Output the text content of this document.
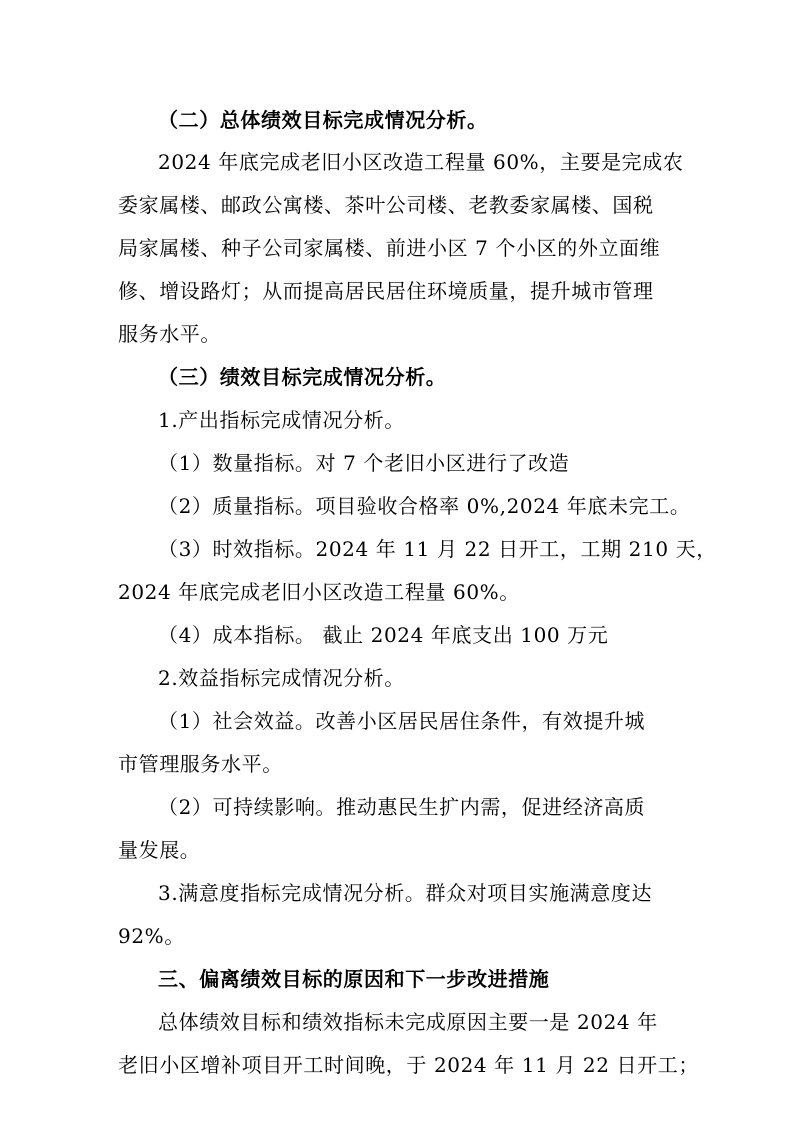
（二）总体绩效目标完成情况分析。
2024 年底完成老旧小区改造工程量 60%，主要是完成农
委家属楼、邮政公寓楼、茶叶公司楼、老教委家属楼、国税
局家属楼、种子公司家属楼、前进小区 7 个小区的外立面维
修、增设路灯；从而提高居民居住环境质量，提升城市管理
服务水平。
（三）绩效目标完成情况分析。
1.产出指标完成情况分析。
（1）数量指标。对 7 个老旧小区进行了改造
（2）质量指标。项目验收合格率 0%,2024 年底未完工。
（3）时效指标。2024 年 11 月 22 日开工，工期 210 天，
2024 年底完成老旧小区改造工程量 60%。
（4）成本指标。 截止 2024 年底支出 100 万元
2.效益指标完成情况分析。
（1）社会效益。改善小区居民居住条件，有效提升城
市管理服务水平。
（2）可持续影响。推动惠民生扩内需，促进经济高质
量发展。
3.满意度指标完成情况分析。群众对项目实施满意度达
92%。
三、偏离绩效目标的原因和下一步改进措施
总体绩效目标和绩效指标未完成原因主要一是 2024 年
老旧小区增补项目开工时间晚，于 2024 年 11 月 22 日开工；
